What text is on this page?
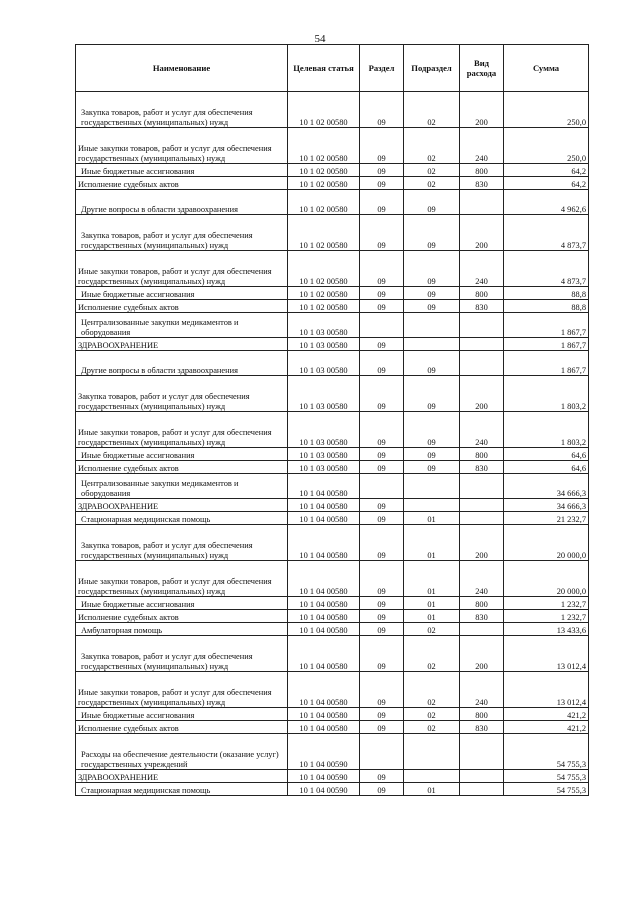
54
Наименование	Целевая статья	Раздел	Подраздел	Вид расхода	Сумма
Закупка товаров, работ и услуг для обеспечения государственных (муниципальных) нужд	10 1 02 00580	09	02	200	250,0
Иные закупки товаров, работ и услуг для обеспечения государственных (муниципальных) нужд	10 1 02 00580	09	02	240	250,0
Иные бюджетные ассигнования	10 1 02 00580	09	02	800	64,2
Исполнение судебных актов	10 1 02 00580	09	02	830	64,2
Другие вопросы в области здравоохранения	10 1 02 00580	09	09		4 962,6
Закупка товаров, работ и услуг для обеспечения государственных (муниципальных) нужд	10 1 02 00580	09	09	200	4 873,7
Иные закупки товаров, работ и услуг для обеспечения государственных (муниципальных) нужд	10 1 02 00580	09	09	240	4 873,7
Иные бюджетные ассигнования	10 1 02 00580	09	09	800	88,8
Исполнение судебных актов	10 1 02 00580	09	09	830	88,8
Централизованные закупки медикаментов и оборудования	10 1 03 00580				1 867,7
ЗДРАВООХРАНЕНИЕ	10 1 03 00580	09			1 867,7
Другие вопросы в области здравоохранения	10 1 03 00580	09	09		1 867,7
Закупка товаров, работ и услуг для обеспечения государственных (муниципальных) нужд	10 1 03 00580	09	09	200	1 803,2
Иные закупки товаров, работ и услуг для обеспечения государственных (муниципальных) нужд	10 1 03 00580	09	09	240	1 803,2
Иные бюджетные ассигнования	10 1 03 00580	09	09	800	64,6
Исполнение судебных актов	10 1 03 00580	09	09	830	64,6
Централизованные закупки медикаментов и оборудования	10 1 04 00580				34 666,3
ЗДРАВООХРАНЕНИЕ	10 1 04 00580	09			34 666,3
Стационарная медицинская помощь	10 1 04 00580	09	01		21 232,7
Закупка товаров, работ и услуг для обеспечения государственных (муниципальных) нужд	10 1 04 00580	09	01	200	20 000,0
Иные закупки товаров, работ и услуг для обеспечения государственных (муниципальных) нужд	10 1 04 00580	09	01	240	20 000,0
Иные бюджетные ассигнования	10 1 04 00580	09	01	800	1 232,7
Исполнение судебных актов	10 1 04 00580	09	01	830	1 232,7
Амбулаторная помощь	10 1 04 00580	09	02		13 433,6
Закупка товаров, работ и услуг для обеспечения государственных (муниципальных) нужд	10 1 04 00580	09	02	200	13 012,4
Иные закупки товаров, работ и услуг для обеспечения государственных (муниципальных) нужд	10 1 04 00580	09	02	240	13 012,4
Иные бюджетные ассигнования	10 1 04 00580	09	02	800	421,2
Исполнение судебных актов	10 1 04 00580	09	02	830	421,2
Расходы на обеспечение деятельности (оказание услуг) государственных учреждений	10 1 04 00590				54 755,3
ЗДРАВООХРАНЕНИЕ	10 1 04 00590	09			54 755,3
Стационарная медицинская помощь	10 1 04 00590	09	01		54 755,3
